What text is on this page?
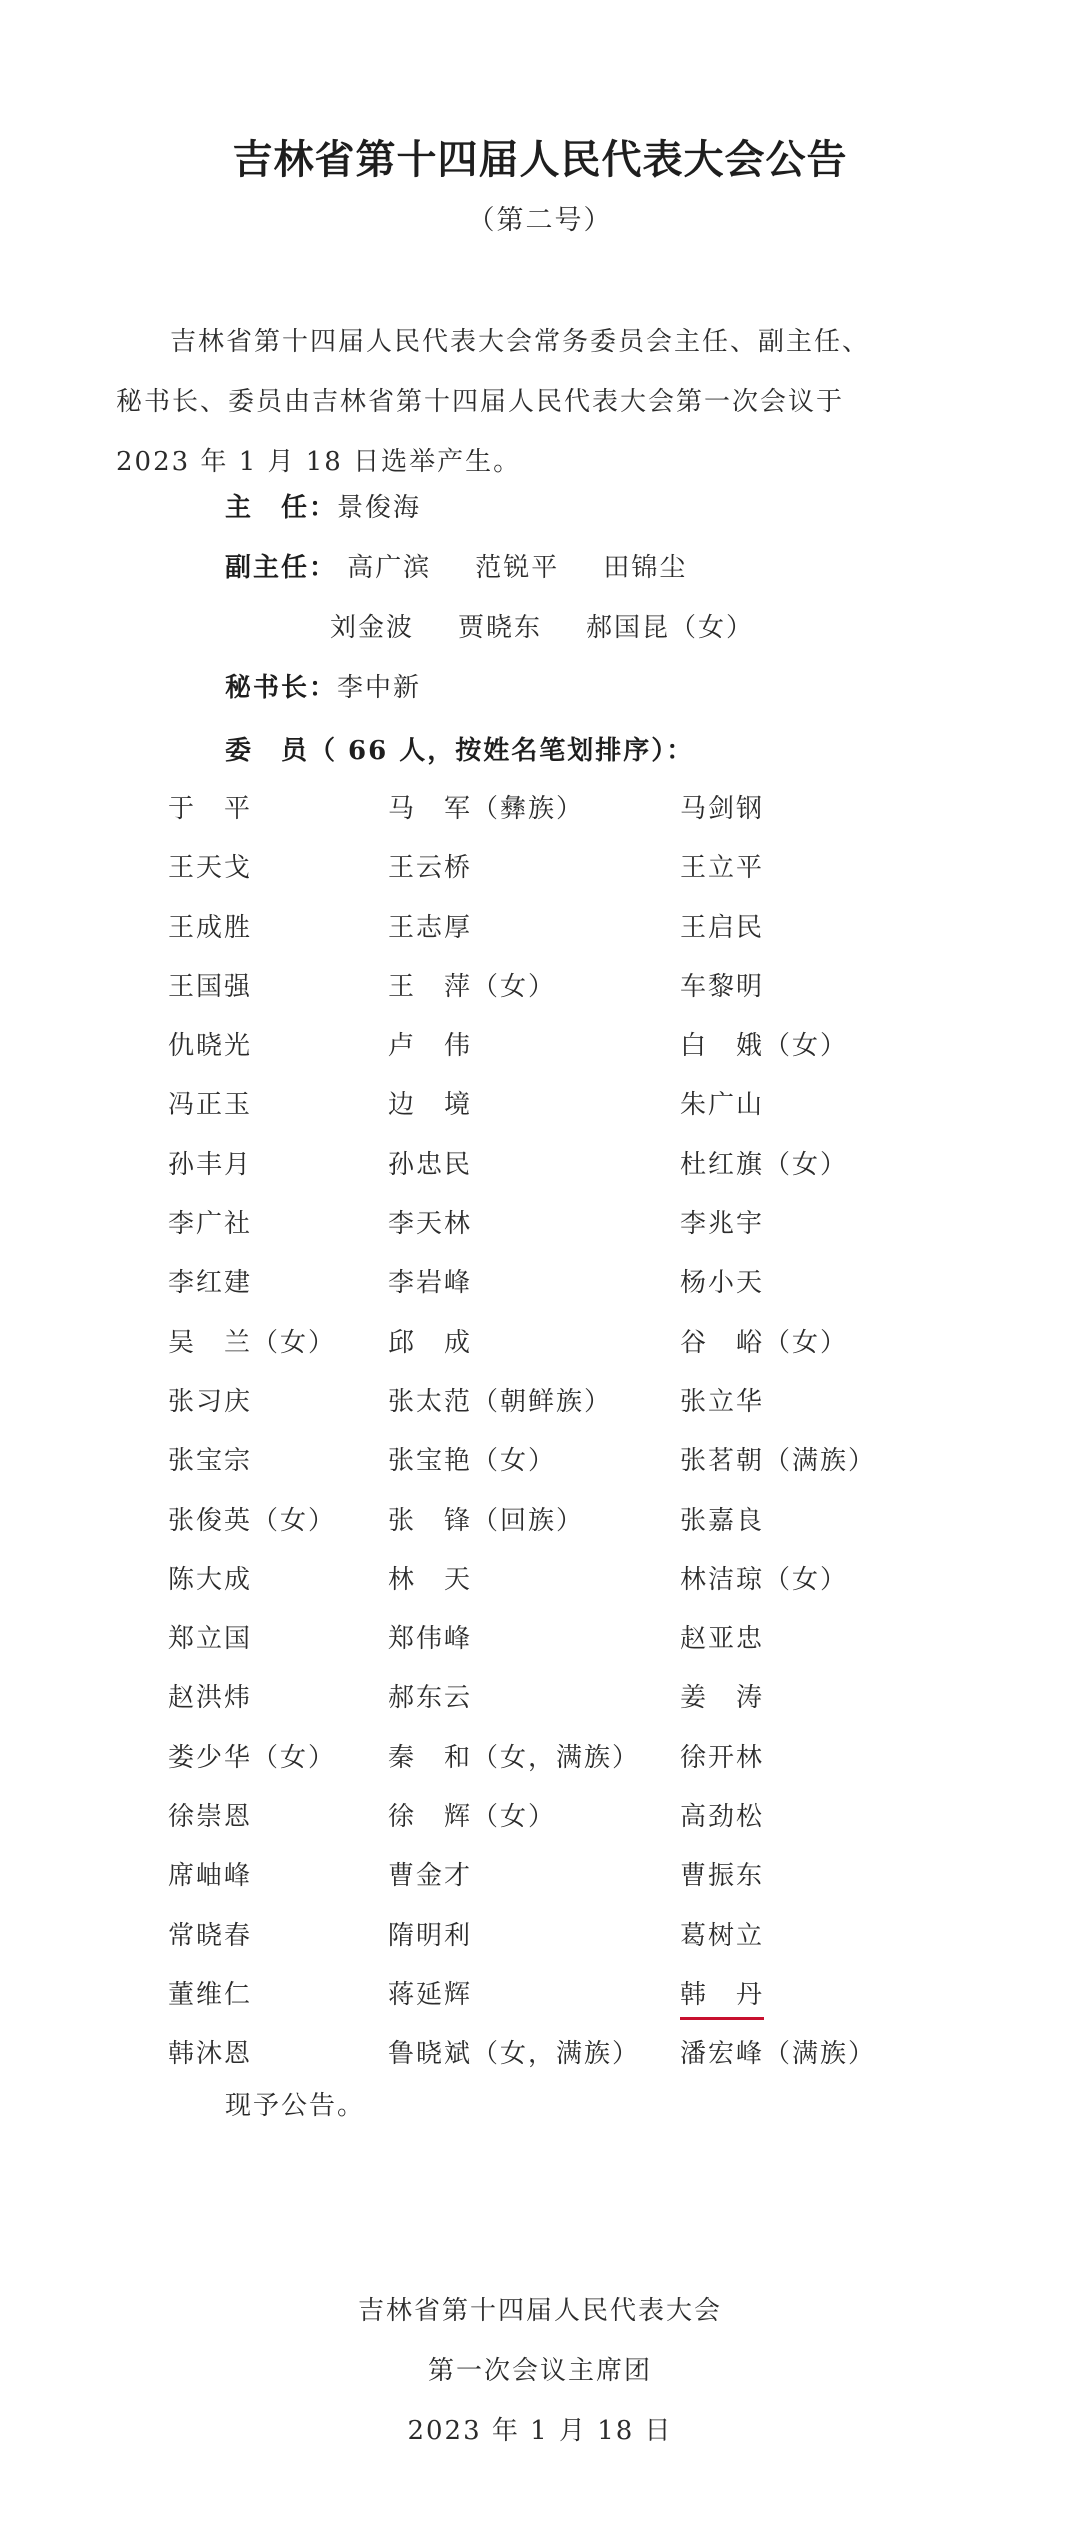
吉林省第十四届人民代表大会公告
（第二号）
吉林省第十四届人民代表大会常务委员会主任、副主任、秘书长、委员由吉林省第十四届人民代表大会第一次会议于 2023 年 1 月 18 日选举产生。
主　任：景俊海
副主任： 高广滨 范锐平 田锦尘
刘金波 贾晓东 郝国昆（女）
秘书长：李中新
委　员（ 66 人，按姓名笔划排序）：
于　平	马　军（彝族）	马剑钢
王天戈	王云桥	王立平
王成胜	王志厚	王启民
王国强	王　萍（女）	车黎明
仇晓光	卢　伟	白　娥（女）
冯正玉	边　境	朱广山
孙丰月	孙忠民	杜红旗（女）
李广社	李天林	李兆宇
李红建	李岩峰	杨小天
吴　兰（女） 邱　成	谷　峪（女）
张习庆	张太范（朝鲜族）	张立华
张宝宗	张宝艳（女）	张茗朝（满族）
张俊英（女） 张　锋（回族）	张嘉良
陈大成	林　天	林洁琼（女）
郑立国	郑伟峰	赵亚忠
赵洪炜	郝东云	姜　涛
娄少华（女） 秦　和（女，满族） 徐开林
徐崇恩	徐　辉（女）	高劲松
席岫峰	曹金才	曹振东
常晓春	隋明利	葛树立
董维仁	蒋延辉	韩　丹
韩沐恩	鲁晓斌（女，满族） 潘宏峰（满族）
现予公告。
吉林省第十四届人民代表大会
第一次会议主席团
2023 年 1 月 18 日
